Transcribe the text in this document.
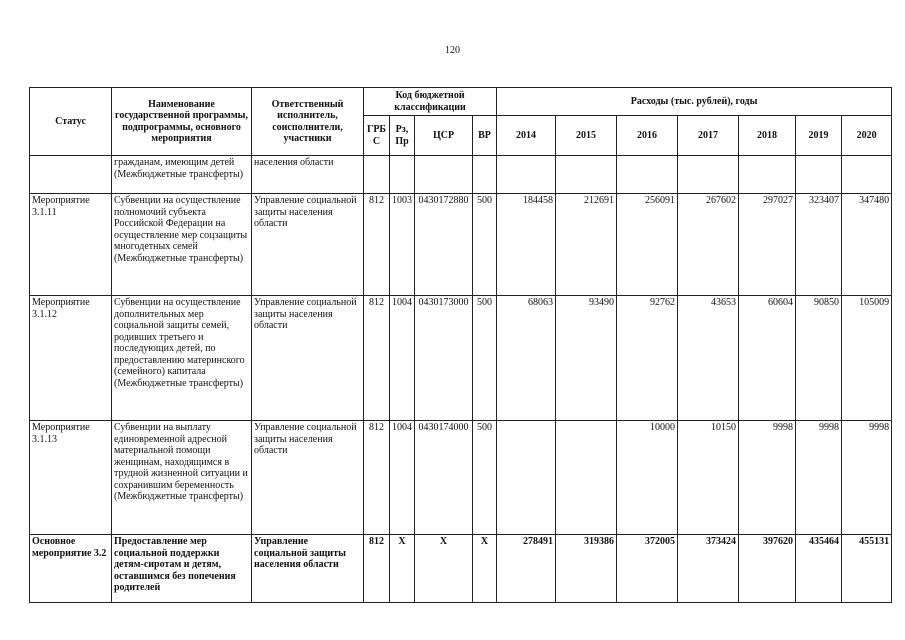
120
Статус	Наименование государственной программы, подпрограммы, основного мероприятия	Ответственный исполнитель, соисполнители, участники	Код бюджетной классификации				Расходы (тыс. рублей), годы						
			ГРБ С	Рз, Пр	ЦСР	ВР	2014	2015	2016	2017	2018	2019	2020
	гражданам, имеющим детей (Межбюджетные трансферты)	населения области											
Мероприятие 3.1.11	Субвенции на осуществление полномочий субъекта Российской Федерации на осуществление мер соцзащиты многодетных семей (Межбюджетные трансферты)	Управление социальной защиты населения области	812	1003	0430172880	500	184458	212691	256091	267602	297027	323407	347480
Мероприятие 3.1.12	Субвенции на осуществление дополнительных мер социальной защиты семей, родивших третьего и последующих детей, по предоставлению материнского (семейного) капитала (Межбюджетные трансферты)	Управление социальной защиты населения области	812	1004	0430173000	500	68063	93490	92762	43653	60604	90850	105009
Мероприятие 3.1.13	Субвенции на выплату единовременной адресной материальной помощи женщинам, находящимся в трудной жизненной ситуации и сохранившим беременность (Межбюджетные трансферты)	Управление социальной защиты населения области	812	1004	0430174000	500			10000	10150	9998	9998	9998
Основное мероприятие 3.2	Предоставление мер социальной поддержки детям-сиротам и детям, оставшимся без попечения родителей	Управление социальной защиты населения области	812	X	X	X	278491	319386	372005	373424	397620	435464	455131
